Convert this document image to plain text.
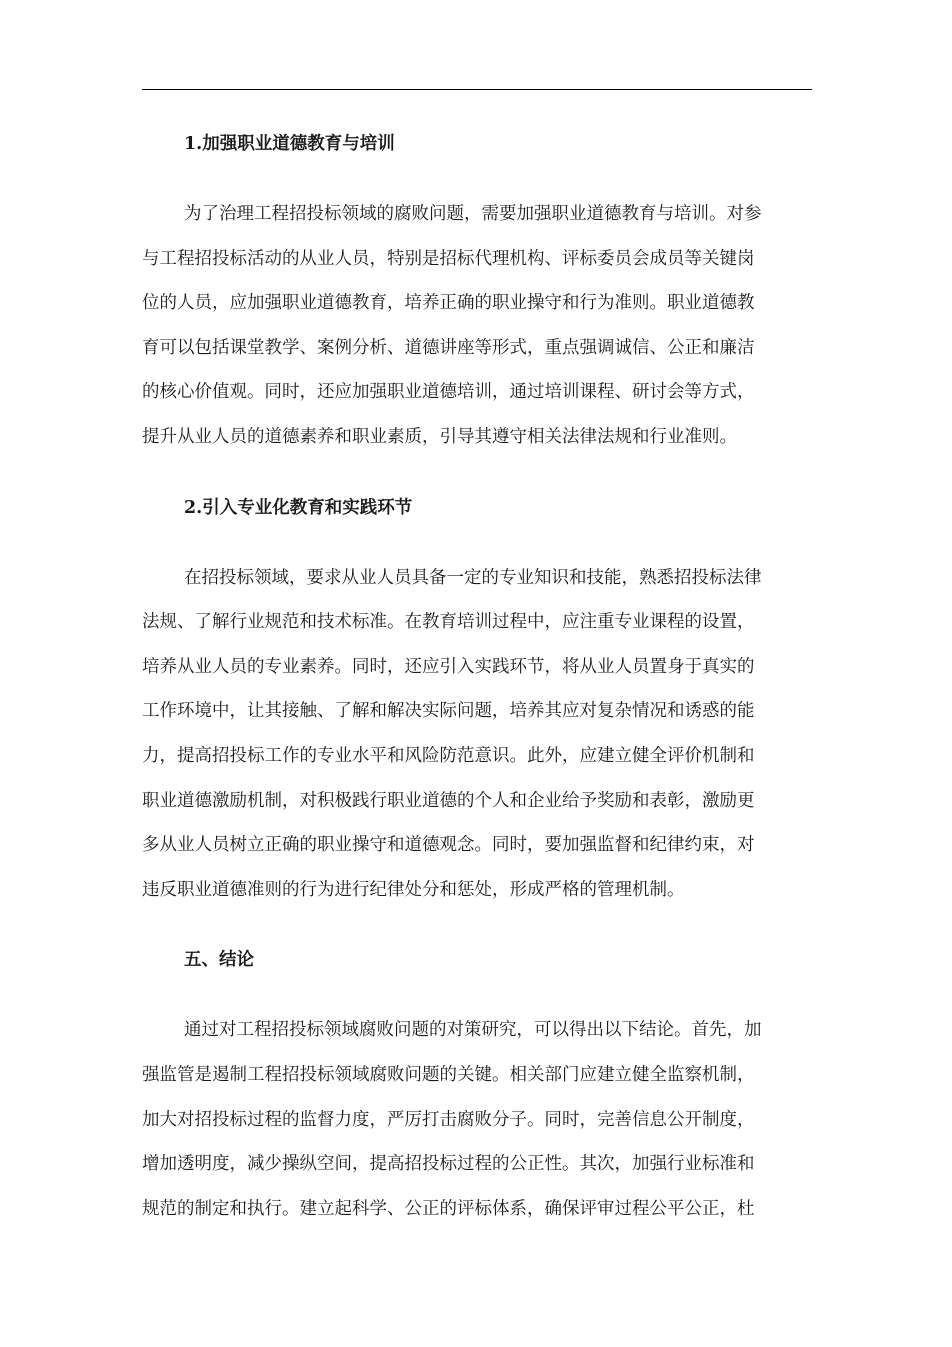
1.加强职业道德教育与培训

为了治理工程招投标领域的腐败问题，需要加强职业道德教育与培训。对参
与工程招投标活动的从业人员，特别是招标代理机构、评标委员会成员等关键岗
位的人员，应加强职业道德教育，培养正确的职业操守和行为准则。职业道德教
育可以包括课堂教学、案例分析、道德讲座等形式，重点强调诚信、公正和廉洁
的核心价值观。同时，还应加强职业道德培训，通过培训课程、研讨会等方式，
提升从业人员的道德素养和职业素质，引导其遵守相关法律法规和行业准则。

2.引入专业化教育和实践环节

在招投标领域，要求从业人员具备一定的专业知识和技能，熟悉招投标法律
法规、了解行业规范和技术标准。在教育培训过程中，应注重专业课程的设置，
培养从业人员的专业素养。同时，还应引入实践环节，将从业人员置身于真实的
工作环境中，让其接触、了解和解决实际问题，培养其应对复杂情况和诱惑的能
力，提高招投标工作的专业水平和风险防范意识。此外，应建立健全评价机制和
职业道德激励机制，对积极践行职业道德的个人和企业给予奖励和表彰，激励更
多从业人员树立正确的职业操守和道德观念。同时，要加强监督和纪律约束，对
违反职业道德准则的行为进行纪律处分和惩处，形成严格的管理机制。

五、结论

通过对工程招投标领域腐败问题的对策研究，可以得出以下结论。首先，加
强监管是遏制工程招投标领域腐败问题的关键。相关部门应建立健全监察机制，
加大对招投标过程的监督力度，严厉打击腐败分子。同时，完善信息公开制度，
增加透明度，减少操纵空间，提高招投标过程的公正性。其次，加强行业标准和
规范的制定和执行。建立起科学、公正的评标体系，确保评审过程公平公正，杜
